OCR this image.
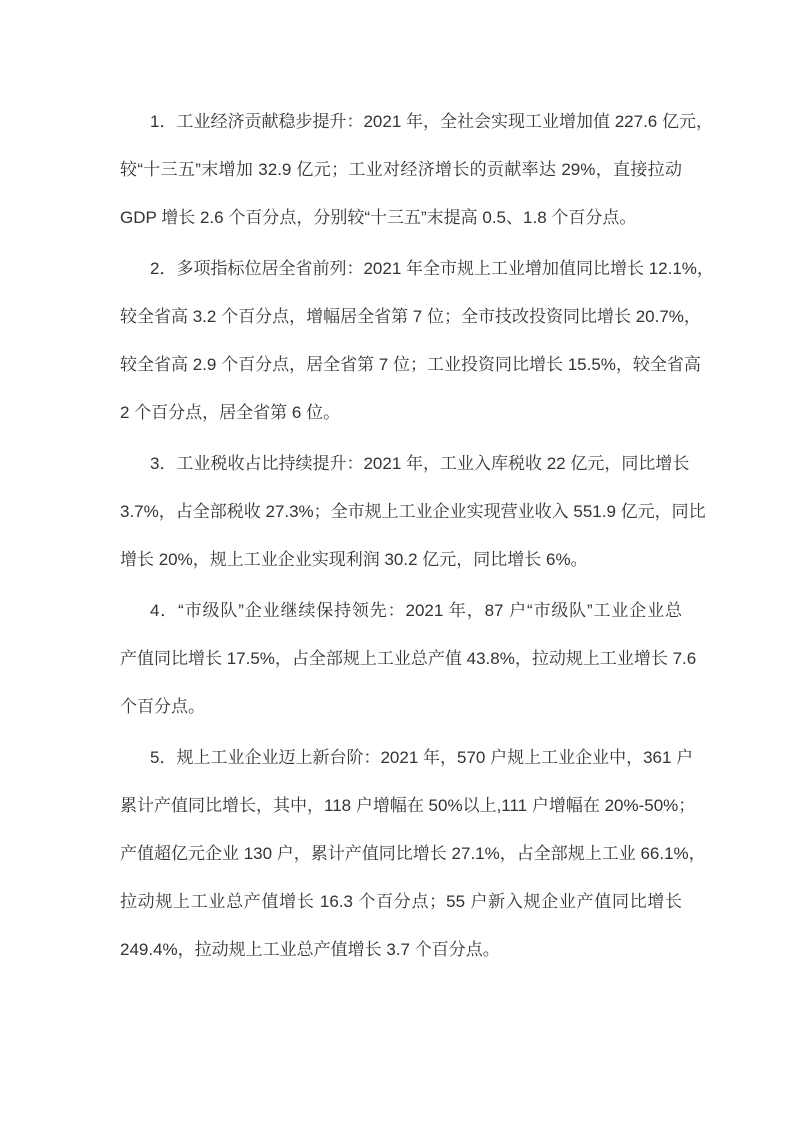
1．工业经济贡献稳步提升：2021 年，全社会实现工业增加值 227.6 亿元，
较“十三五”末增加 32.9 亿元；工业对经济增长的贡献率达 29%，直接拉动
GDP 增长 2.6 个百分点，分别较“十三五”末提高 0.5、1.8 个百分点。
2．多项指标位居全省前列：2021 年全市规上工业增加值同比增长 12.1%，
较全省高 3.2 个百分点，增幅居全省第 7 位；全市技改投资同比增长 20.7%，
较全省高 2.9 个百分点，居全省第 7 位；工业投资同比增长 15.5%，较全省高
2 个百分点，居全省第 6 位。
3．工业税收占比持续提升：2021 年，工业入库税收 22 亿元，同比增长
3.7%，占全部税收 27.3%；全市规上工业企业实现营业收入 551.9 亿元，同比
增长 20%，规上工业企业实现利润 30.2 亿元，同比增长 6%。
4．“市级队”企业继续保持领先：2021 年，87 户“市级队”工业企业总
产值同比增长 17.5%，占全部规上工业总产值 43.8%，拉动规上工业增长 7.6
个百分点。
5．规上工业企业迈上新台阶：2021 年，570 户规上工业企业中，361 户
累计产值同比增长，其中，118 户增幅在 50%以上,111 户增幅在 20%-50%；
产值超亿元企业 130 户，累计产值同比增长 27.1%，占全部规上工业 66.1%，
拉动规上工业总产值增长 16.3 个百分点；55 户新入规企业产值同比增长
249.4%，拉动规上工业总产值增长 3.7 个百分点。
